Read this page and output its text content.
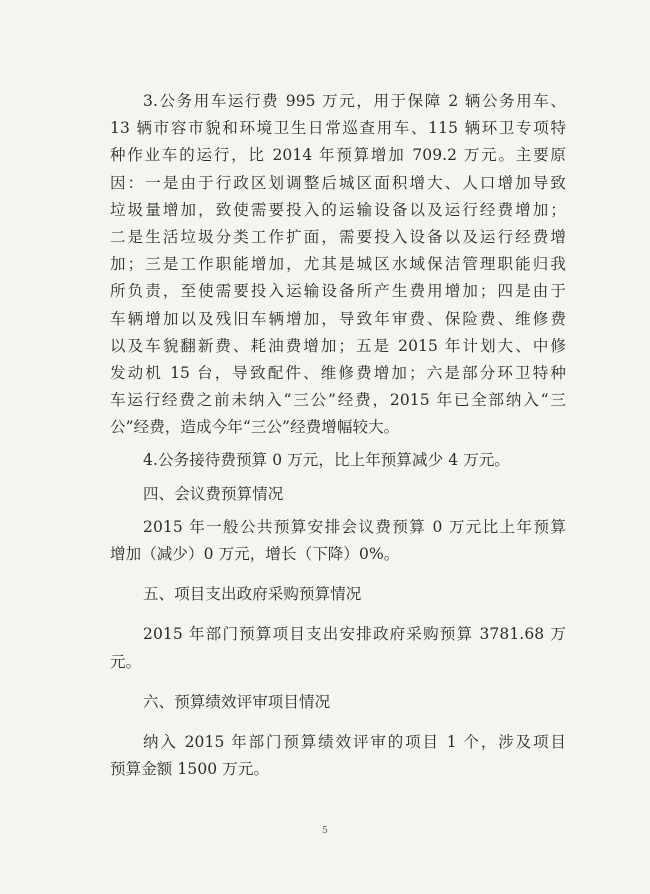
3.公务用车运行费 995 万元，用于保障 2 辆公务用车、
13 辆市容市貌和环境卫生日常巡查用车、115 辆环卫专项特
种作业车的运行，比 2014 年预算增加 709.2 万元。主要原
因：一是由于行政区划调整后城区面积增大、人口增加导致
垃圾量增加，致使需要投入的运输设备以及运行经费增加；
二是生活垃圾分类工作扩面，需要投入设备以及运行经费增
加；三是工作职能增加，尤其是城区水域保洁管理职能归我
所负责，至使需要投入运输设备所产生费用增加；四是由于
车辆增加以及残旧车辆增加，导致年审费、保险费、维修费
以及车貌翻新费、耗油费增加；五是 2015 年计划大、中修
发动机 15 台，导致配件、维修费增加；六是部分环卫特种
车运行经费之前未纳入“三公”经费，2015 年已全部纳入“三
公”经费，造成今年“三公”经费增幅较大。
4.公务接待费预算 0 万元，比上年预算减少 4 万元。
四、会议费预算情况
2015 年一般公共预算安排会议费预算 0 万元比上年预算
增加（减少）0 万元，增长（下降）0%。
五、项目支出政府采购预算情况
2015 年部门预算项目支出安排政府采购预算 3781.68 万
元。
六、预算绩效评审项目情况
纳入 2015 年部门预算绩效评审的项目 1 个，涉及项目
预算金额 1500 万元。
5
